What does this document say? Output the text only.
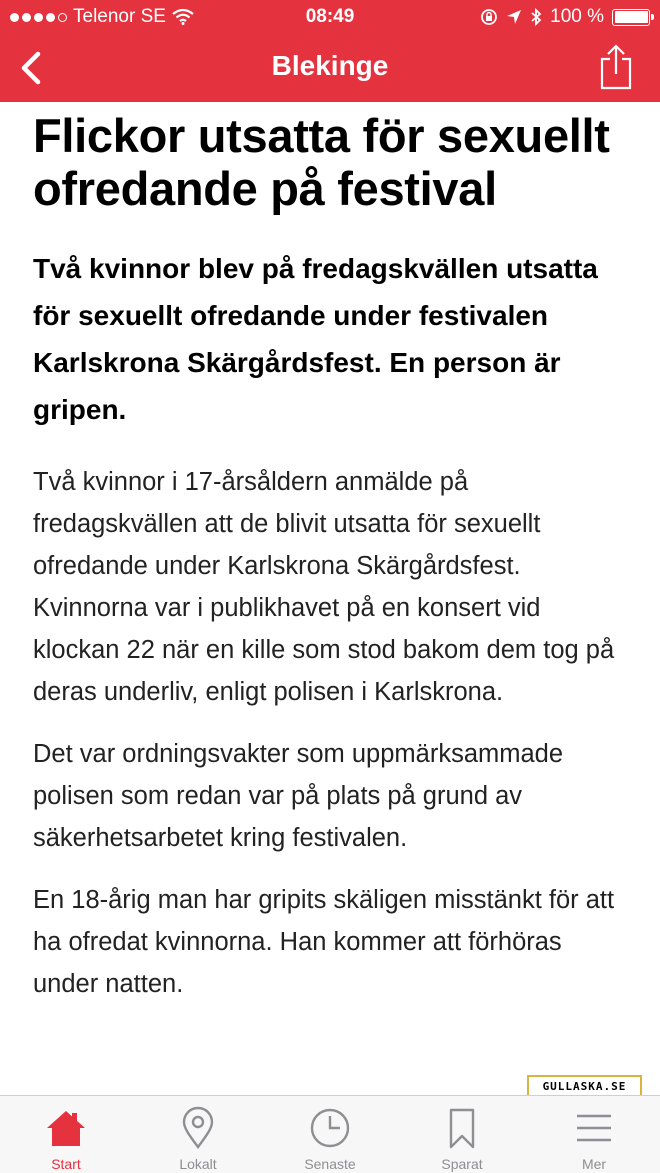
Telenor SE	08:49	100 %
Blekinge
Flickor utsatta för sexuellt ofredande på festival

Två kvinnor blev på fredagskvällen utsatta för sexuellt ofredande under festivalen Karlskrona Skärgårdsfest. En person är gripen.

Två kvinnor i 17-årsåldern anmälde på fredagskvällen att de blivit utsatta för sexuellt ofredande under Karlskrona Skärgårdsfest. Kvinnorna var i publikhavet på en konsert vid klockan 22 när en kille som stod bakom dem tog på deras underliv, enligt polisen i Karlskrona.

Det var ordningsvakter som uppmärksammade polisen som redan var på plats på grund av säkerhetsarbetet kring festivalen.

En 18-årig man har gripits skäligen misstänkt för att ha ofredat kvinnorna. Han kommer att förhöras under natten.

GULLASKA.SE
Start	Lokalt	Senaste	Sparat	Mer
